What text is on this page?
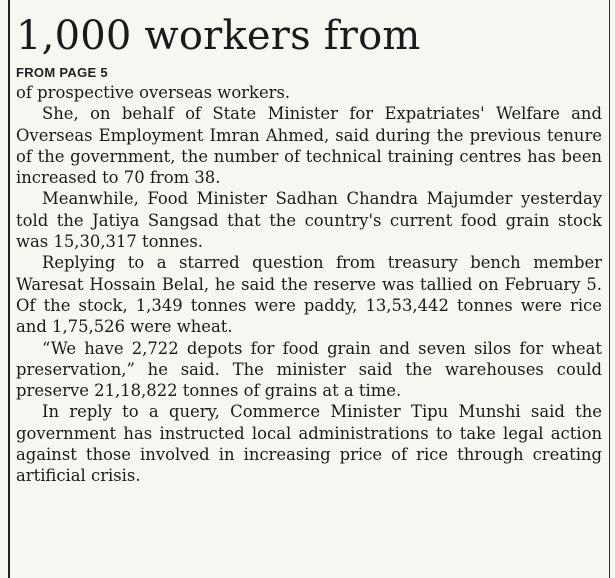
1,000 workers from
FROM PAGE 5

of prospective overseas workers.

She, on behalf of State Minister for Expatriates' Welfare and Overseas Employment Imran Ahmed, said during the previous tenure of the government, the number of technical training centres has been increased to 70 from 38.

Meanwhile, Food Minister Sadhan Chandra Majumder yesterday told the Jatiya Sangsad that the country's current food grain stock was 15,30,317 tonnes.

Replying to a starred question from treasury bench member Waresat Hossain Belal, he said the reserve was tallied on February 5. Of the stock, 1,349 tonnes were paddy, 13,53,442 tonnes were rice and 1,75,526 were wheat.

“We have 2,722 depots for food grain and seven silos for wheat preservation,” he said. The minister said the warehouses could preserve 21,18,822 tonnes of grains at a time.

In reply to a query, Commerce Minister Tipu Munshi said the government has instructed local administrations to take legal action against those involved in increasing price of rice through creating artificial crisis.
